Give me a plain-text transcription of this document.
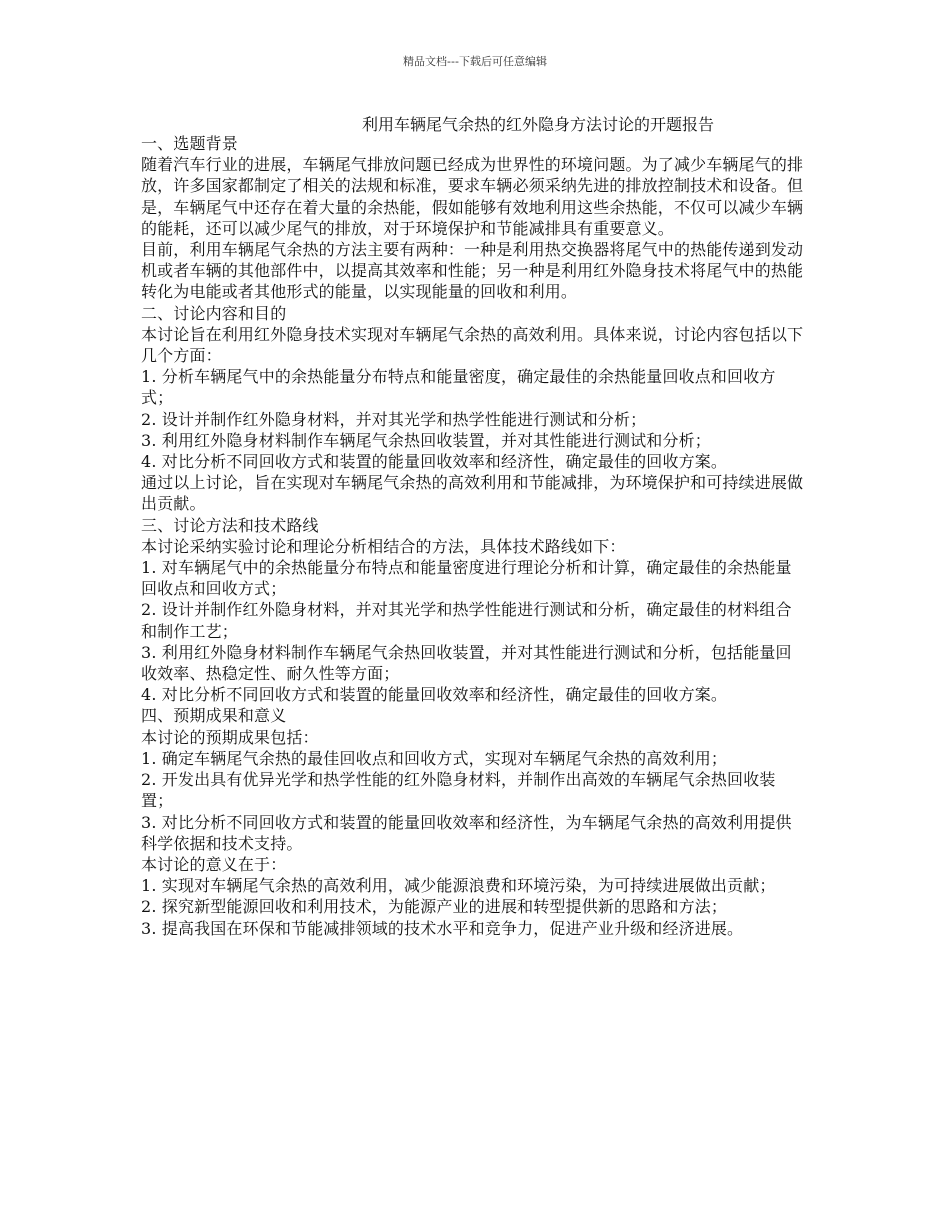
精品文档---下载后可任意编辑
利用车辆尾气余热的红外隐身方法讨论的开题报告

一、选题背景

随着汽车行业的进展，车辆尾气排放问题已经成为世界性的环境问题。为了减少车辆尾气的排放，许多国家都制定了相关的法规和标准，要求车辆必须采纳先进的排放控制技术和设备。但是，车辆尾气中还存在着大量的余热能，假如能够有效地利用这些余热能，不仅可以减少车辆的能耗，还可以减少尾气的排放，对于环境保护和节能减排具有重要意义。

目前，利用车辆尾气余热的方法主要有两种：一种是利用热交换器将尾气中的热能传递到发动机或者车辆的其他部件中，以提高其效率和性能；另一种是利用红外隐身技术将尾气中的热能转化为电能或者其他形式的能量，以实现能量的回收和利用。

二、讨论内容和目的

本讨论旨在利用红外隐身技术实现对车辆尾气余热的高效利用。具体来说，讨论内容包括以下几个方面：

1. 分析车辆尾气中的余热能量分布特点和能量密度，确定最佳的余热能量回收点和回收方式；

2. 设计并制作红外隐身材料，并对其光学和热学性能进行测试和分析；

3. 利用红外隐身材料制作车辆尾气余热回收装置，并对其性能进行测试和分析；

4. 对比分析不同回收方式和装置的能量回收效率和经济性，确定最佳的回收方案。

通过以上讨论，旨在实现对车辆尾气余热的高效利用和节能减排，为环境保护和可持续进展做出贡献。

三、讨论方法和技术路线

本讨论采纳实验讨论和理论分析相结合的方法，具体技术路线如下：

1. 对车辆尾气中的余热能量分布特点和能量密度进行理论分析和计算，确定最佳的余热能量回收点和回收方式；

2. 设计并制作红外隐身材料，并对其光学和热学性能进行测试和分析，确定最佳的材料组合和制作工艺；

3. 利用红外隐身材料制作车辆尾气余热回收装置，并对其性能进行测试和分析，包括能量回收效率、热稳定性、耐久性等方面；

4. 对比分析不同回收方式和装置的能量回收效率和经济性，确定最佳的回收方案。

四、预期成果和意义

本讨论的预期成果包括：

1. 确定车辆尾气余热的最佳回收点和回收方式，实现对车辆尾气余热的高效利用；

2. 开发出具有优异光学和热学性能的红外隐身材料，并制作出高效的车辆尾气余热回收装置；

3. 对比分析不同回收方式和装置的能量回收效率和经济性，为车辆尾气余热的高效利用提供科学依据和技术支持。

本讨论的意义在于：

1. 实现对车辆尾气余热的高效利用，减少能源浪费和环境污染，为可持续进展做出贡献；

2. 探究新型能源回收和利用技术，为能源产业的进展和转型提供新的思路和方法；

3. 提高我国在环保和节能减排领域的技术水平和竞争力，促进产业升级和经济进展。
